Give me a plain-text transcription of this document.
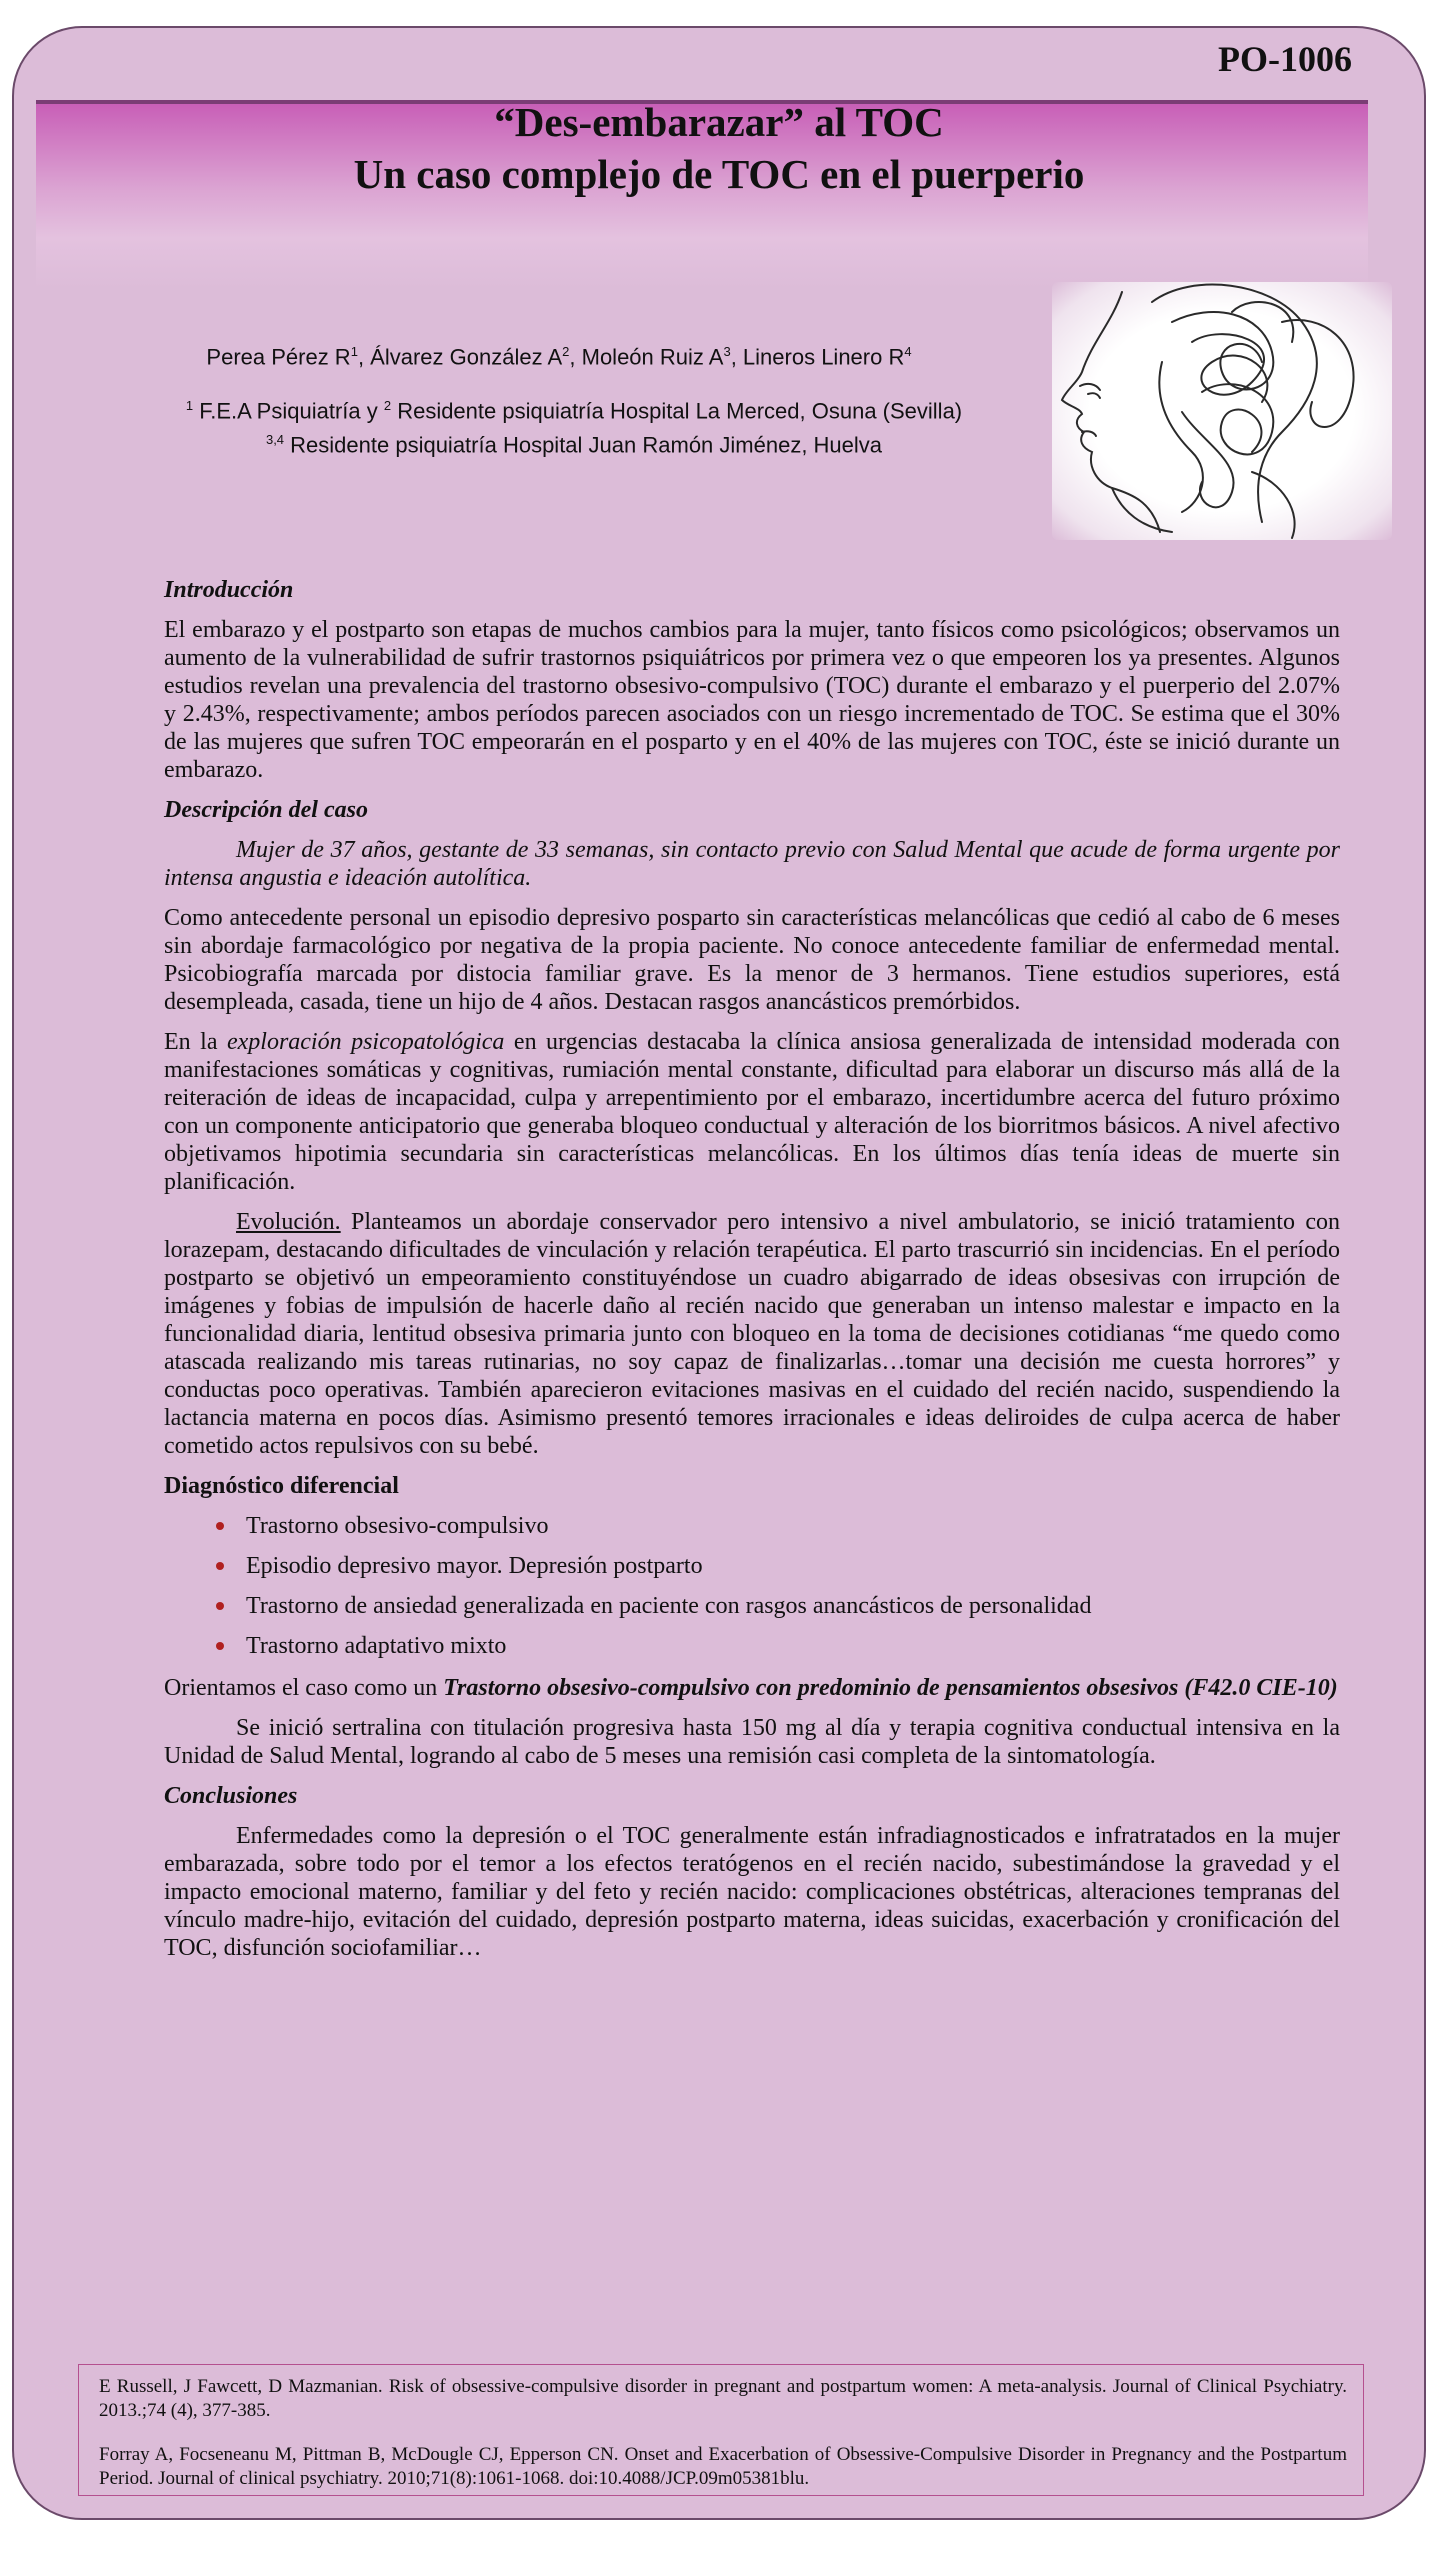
PO-1006
“Des-embarazar” al TOC
Un caso complejo de TOC en el puerperio
Perea Pérez $R^1$, Álvarez González $A^2$, Moleón Ruiz $A^3$, Lineros Linero $R^4$
$^1$ F.E.A Psiquiatría y $^2$ Residente psiquiatría Hospital La Merced, Osuna (Sevilla)
$^{3,4}$ Residente psiquiatría Hospital Juan Ramón Jiménez, Huelva

Introducción

El embarazo y el postparto son etapas de muchos cambios para la mujer, tanto físicos como psicológicos; observamos un aumento de la vulnerabilidad de sufrir trastornos psiquiátricos por primera vez o que empeoren los ya presentes. Algunos estudios revelan una prevalencia del trastorno obsesivo-compulsivo (TOC) durante el embarazo y el puerperio del 2.07% y 2.43%, respectivamente; ambos períodos parecen asociados con un riesgo incrementado de TOC. Se estima que el 30% de las mujeres que sufren TOC empeorarán en el posparto y en el 40% de las mujeres con TOC, éste se inició durante un embarazo.

Descripción del caso

Mujer de 37 años, gestante de 33 semanas, sin contacto previo con Salud Mental que acude de forma urgente por intensa angustia e ideación autolítica.

Como antecedente personal un episodio depresivo posparto sin características melancólicas que cedió al cabo de 6 meses sin abordaje farmacológico por negativa de la propia paciente. No conoce antecedente familiar de enfermedad mental. Psicobiografía marcada por distocia familiar grave. Es la menor de 3 hermanos. Tiene estudios superiores, está desempleada, casada, tiene un hijo de 4 años. Destacan rasgos anancásticos premórbidos.

En la exploración psicopatológica en urgencias destacaba la clínica ansiosa generalizada de intensidad moderada con manifestaciones somáticas y cognitivas, rumiación mental constante, dificultad para elaborar un discurso más allá de la reiteración de ideas de incapacidad, culpa y arrepentimiento por el embarazo, incertidumbre acerca del futuro próximo con un componente anticipatorio que generaba bloqueo conductual y alteración de los biorritmos básicos. A nivel afectivo objetivamos hipotimia secundaria sin características melancólicas. En los últimos días tenía ideas de muerte sin planificación.

Evolución. Planteamos un abordaje conservador pero intensivo a nivel ambulatorio, se inició tratamiento con lorazepam, destacando dificultades de vinculación y relación terapéutica. El parto trascurrió sin incidencias. En el período postparto se objetivó un empeoramiento constituyéndose un cuadro abigarrado de ideas obsesivas con irrupción de imágenes y fobias de impulsión de hacerle daño al recién nacido que generaban un intenso malestar e impacto en la funcionalidad diaria, lentitud obsesiva primaria junto con bloqueo en la toma de decisiones cotidianas “me quedo como atascada realizando mis tareas rutinarias, no soy capaz de finalizarlas…tomar una decisión me cuesta horrores” y conductas poco operativas. También aparecieron evitaciones masivas en el cuidado del recién nacido, suspendiendo la lactancia materna en pocos días. Asimismo presentó temores irracionales e ideas deliroides de culpa acerca de haber cometido actos repulsivos con su bebé.

Diagnóstico diferencial

Trastorno obsesivo-compulsivo
Episodio depresivo mayor. Depresión postparto
Trastorno de ansiedad generalizada en paciente con rasgos anancásticos de personalidad
Trastorno adaptativo mixto

Orientamos el caso como un Trastorno obsesivo-compulsivo con predominio de pensamientos obsesivos (F42.0 CIE-10)

Se inició sertralina con titulación progresiva hasta 150 mg al día y terapia cognitiva conductual intensiva en la Unidad de Salud Mental, logrando al cabo de 5 meses una remisión casi completa de la sintomatología.

Conclusiones

Enfermedades como la depresión o el TOC generalmente están infradiagnosticados e infratratados en la mujer embarazada, sobre todo por el temor a los efectos teratógenos en el recién nacido, subestimándose la gravedad y el impacto emocional materno, familiar y del feto y recién nacido: complicaciones obstétricas, alteraciones tempranas del vínculo madre-hijo, evitación del cuidado, depresión postparto materna, ideas suicidas, exacerbación y cronificación del TOC, disfunción sociofamiliar…

E Russell, J Fawcett, D Mazmanian. Risk of obsessive-compulsive disorder in pregnant and postpartum women: A meta-analysis. Journal of Clinical Psychiatry. 2013.;74 (4), 377-385.

Forray A, Focseneanu M, Pittman B, McDougle CJ, Epperson CN. Onset and Exacerbation of Obsessive-Compulsive Disorder in Pregnancy and the Postpartum Period. Journal of clinical psychiatry. 2010;71(8):1061-1068. doi:10.4088/JCP.09m05381blu.
